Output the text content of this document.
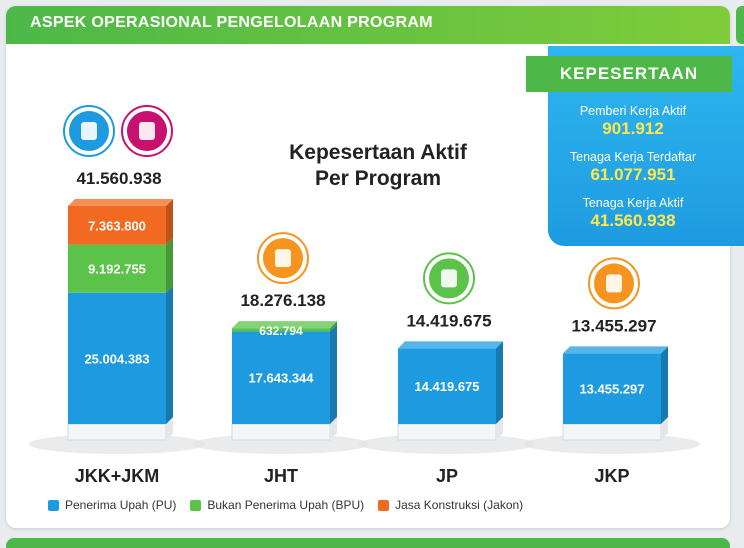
ASPEK OPERASIONAL PENGELOLAAN PROGRAM
KEPESERTAAN
Pemberi Kerja Aktif
901.912
Tenaga Kerja Terdaftar
61.077.951
Tenaga Kerja Aktif
41.560.938
Kepesertaan Aktif
Per Program
25.004.383
9.192.755
7.363.800
41.560.938
JKK+JKM
17.643.344
632.794
18.276.138
JHT
14.419.675
14.419.675
JP
13.455.297
13.455.297
JKP
Penerima Upah (PU)	Bukan Penerima Upah (BPU)	Jasa Konstruksi (Jakon)
